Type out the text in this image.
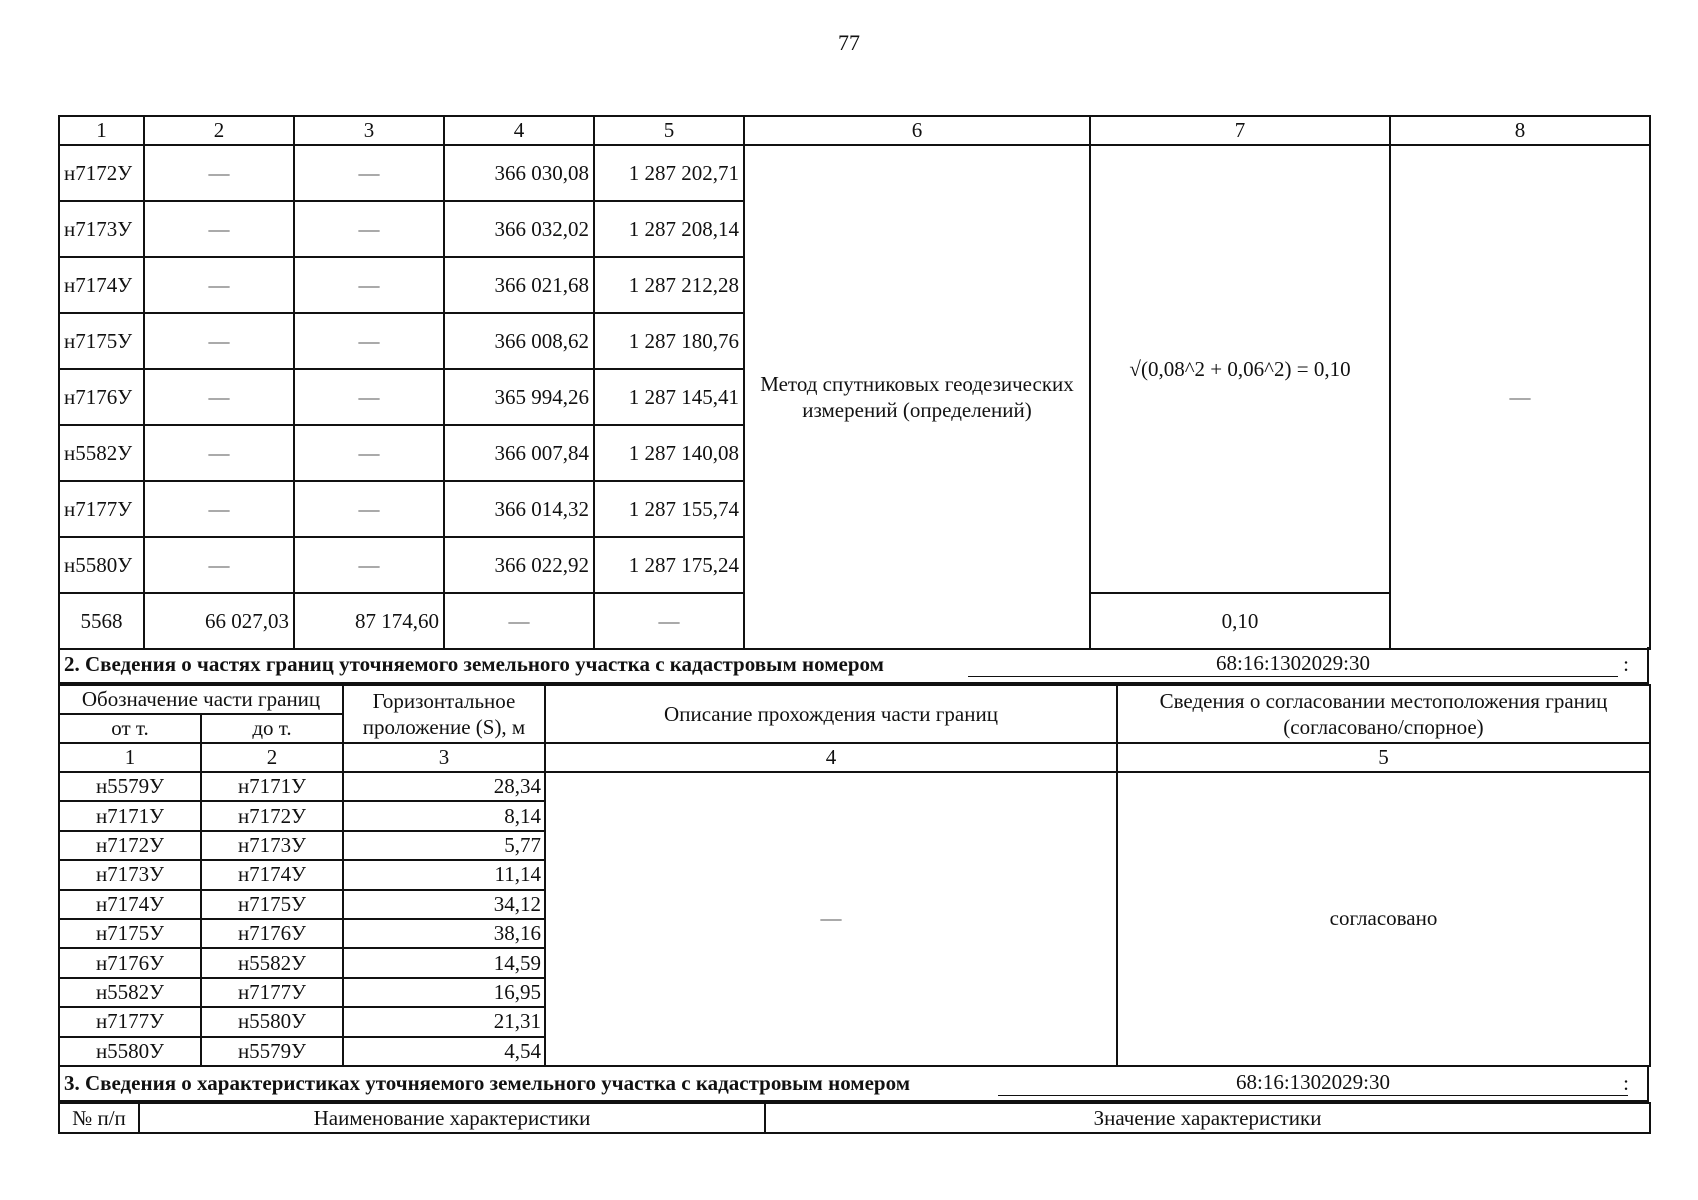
77
1	2	3	4	5	6	7	8
н7172У	—	—	366 030,08	1 287 202,71	Метод спутниковых геодезических измерений (определений)	√(0,08^2 + 0,06^2) = 0,10	—
н7173У	—	—	366 032,02	1 287 208,14			
н7174У	—	—	366 021,68	1 287 212,28			
н7175У	—	—	366 008,62	1 287 180,76			
н7176У	—	—	365 994,26	1 287 145,41			
н5582У	—	—	366 007,84	1 287 140,08			
н7177У	—	—	366 014,32	1 287 155,74			
н5580У	—	—	366 022,92	1 287 175,24			
5568	66 027,03	87 174,60	—	—		0,10	
2. Сведения о частях границ уточняемого земельного участка с кадастровым номером	68:16:1302029:30	:
Обозначение части границ		Горизонтальное проложение (S), м	Описание прохождения части границ	Сведения о согласовании местоположения границ (согласовано/спорное)
от т.	до т.			
1	2	3	4	5
н5579У	н7171У	28,34	—	согласовано
н7171У	н7172У	8,14		
н7172У	н7173У	5,77		
н7173У	н7174У	11,14		
н7174У	н7175У	34,12		
н7175У	н7176У	38,16		
н7176У	н5582У	14,59		
н5582У	н7177У	16,95		
н7177У	н5580У	21,31		
н5580У	н5579У	4,54		
3. Сведения о характеристиках уточняемого земельного участка с кадастровым номером	68:16:1302029:30	:
№ п/п	Наименование характеристики	Значение характеристики
